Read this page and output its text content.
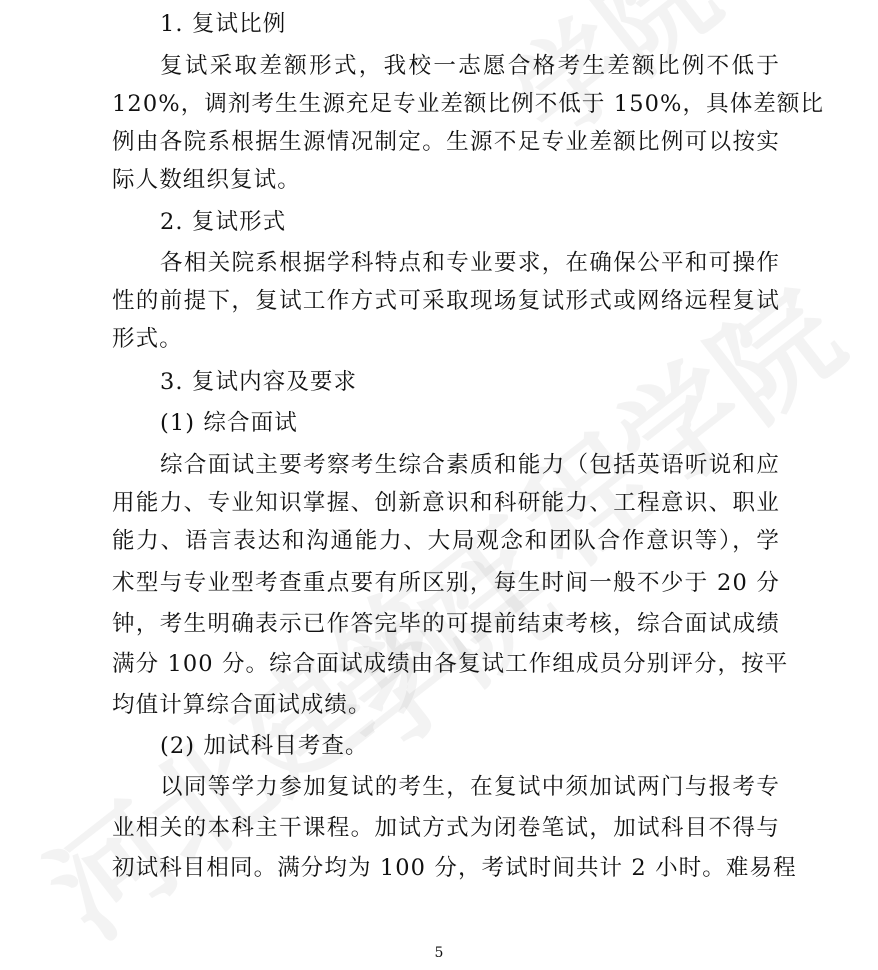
1. 复试比例
复试采取差额形式，我校一志愿合格考生差额比例不低于
120%，调剂考生生源充足专业差额比例不低于 150%，具体差额比
例由各院系根据生源情况制定。生源不足专业差额比例可以按实
际人数组织复试。
2. 复试形式
各相关院系根据学科特点和专业要求，在确保公平和可操作
性的前提下，复试工作方式可采取现场复试形式或网络远程复试
形式。
3. 复试内容及要求
(1) 综合面试
综合面试主要考察考生综合素质和能力（包括英语听说和应
用能力、专业知识掌握、创新意识和科研能力、工程意识、职业
能力、语言表达和沟通能力、大局观念和团队合作意识等），学
术型与专业型考查重点要有所区别，每生时间一般不少于 20 分
钟，考生明确表示已作答完毕的可提前结束考核，综合面试成绩
满分 100 分。综合面试成绩由各复试工作组成员分别评分，按平
均值计算综合面试成绩。
(2) 加试科目考查。
以同等学力参加复试的考生，在复试中须加试两门与报考专
业相关的本科主干课程。加试方式为闭卷笔试，加试科目不得与
初试科目相同。满分均为 100 分，考试时间共计 2 小时。难易程
5
